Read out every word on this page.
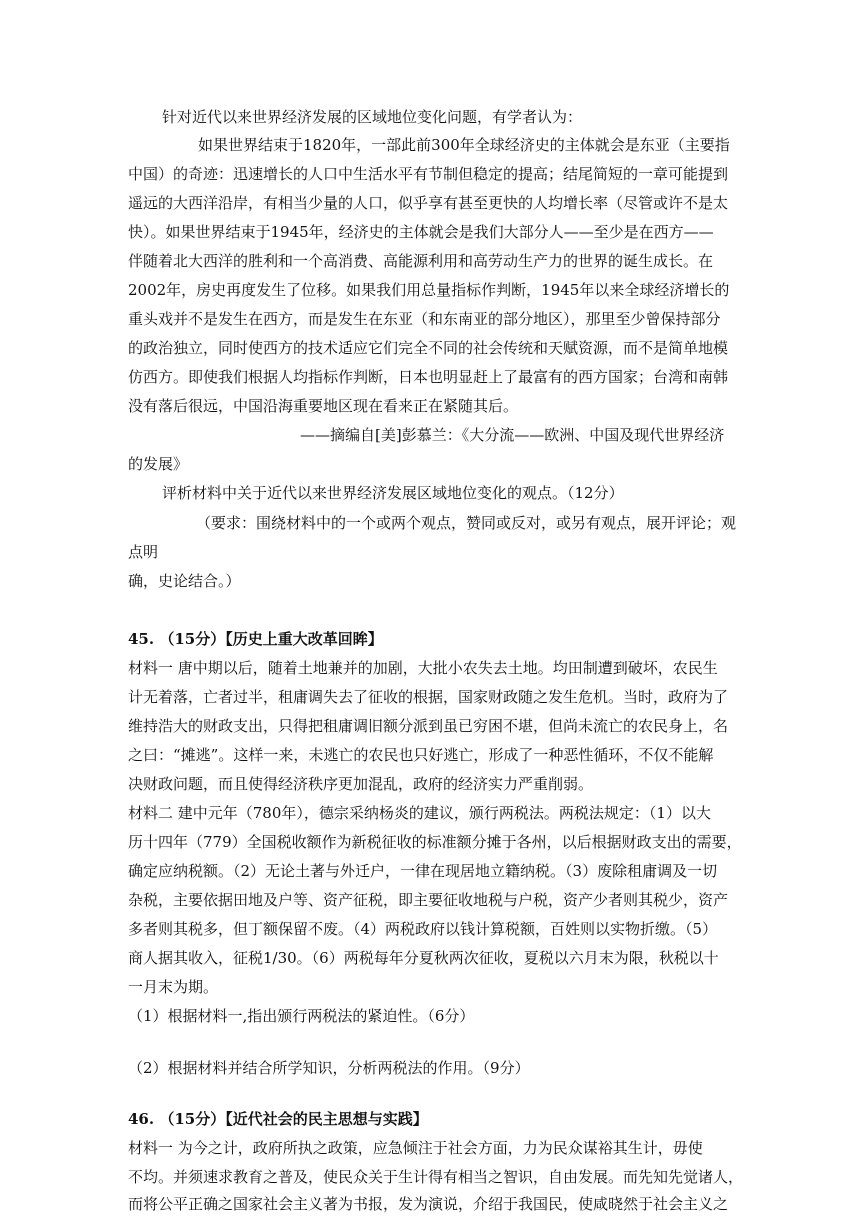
针对近代以来世界经济发展的区域地位变化问题，有学者认为：
如果世界结束于1820年，一部此前300年全球经济史的主体就会是东亚（主要指
中国）的奇迹：迅速增长的人口中生活水平有节制但稳定的提高；结尾简短的一章可能提到
遥远的大西洋沿岸，有相当少量的人口，似乎享有甚至更快的人均增长率（尽管或许不是太
快）。如果世界结束于1945年，经济史的主体就会是我们大部分人——至少是在西方——
伴随着北大西洋的胜利和一个高消费、高能源利用和高劳动生产力的世界的诞生成长。在
2002年，房史再度发生了位移。如果我们用总量指标作判断，1945年以来全球经济增长的
重头戏并不是发生在西方，而是发生在东亚（和东南亚的部分地区），那里至少曾保持部分
的政治独立，同时使西方的技术适应它们完全不同的社会传统和天赋资源，而不是简单地模
仿西方。即使我们根据人均指标作判断，日本也明显赶上了最富有的西方国家；台湾和南韩
没有落后很远，中国沿海重要地区现在看来正在紧随其后。
——摘编自[美]彭慕兰：《大分流——欧洲、中国及现代世界经济
的发展》
评析材料中关于近代以来世界经济发展区域地位变化的观点。（12分）
（要求：围绕材料中的一个或两个观点，赞同或反对，或另有观点，展开评论；观
点明
确，史论结合。）
45. （15分）【历史上重大改革回眸】
材料一 唐中期以后，随着土地兼并的加剧，大批小农失去土地。均田制遭到破坏，农民生
计无着落，亡者过半，租庸调失去了征收的根据，国家财政随之发生危机。当时，政府为了
维持浩大的财政支出，只得把租庸调旧额分派到虽已穷困不堪，但尚未流亡的农民身上，名
之曰：“摊逃”。这样一来，未逃亡的农民也只好逃亡，形成了一种恶性循环，不仅不能解
决财政问题，而且使得经济秩序更加混乱，政府的经济实力严重削弱。
材料二 建中元年（780年），德宗采纳杨炎的建议，颁行两税法。两税法规定：（1）以大
历十四年（779）全国税收额作为新税征收的标准额分摊于各州，以后根据财政支出的需要，
确定应纳税额。（2）无论土著与外迁户，一律在现居地立籍纳税。（3）废除租庸调及一切
杂税，主要依据田地及户等、资产征税，即主要征收地税与户税，资产少者则其税少，资产
多者则其税多，但丁额保留不废。（4）两税政府以钱计算税额，百姓则以实物折缴。（5）
商人据其收入，征税1/30。（6）两税每年分夏秋两次征收，夏税以六月末为限，秋税以十
一月末为期。
（1）根据材料一,指出颁行两税法的紧迫性。（6分）
（2）根据材料并结合所学知识，分析两税法的作用。（9分）
46. （15分）【近代社会的民主思想与实践】
材料一 为今之计，政府所执之政策，应急倾注于社会方面，力为民众谋裕其生计，毋使
不均。并须速求教育之普及，使民众关于生计得有相当之智识，自由发展。而先知先觉诸人，
而将公平正确之国家社会主义著为书报，发为演说，介绍于我国民，使咸晓然于社会主义之
